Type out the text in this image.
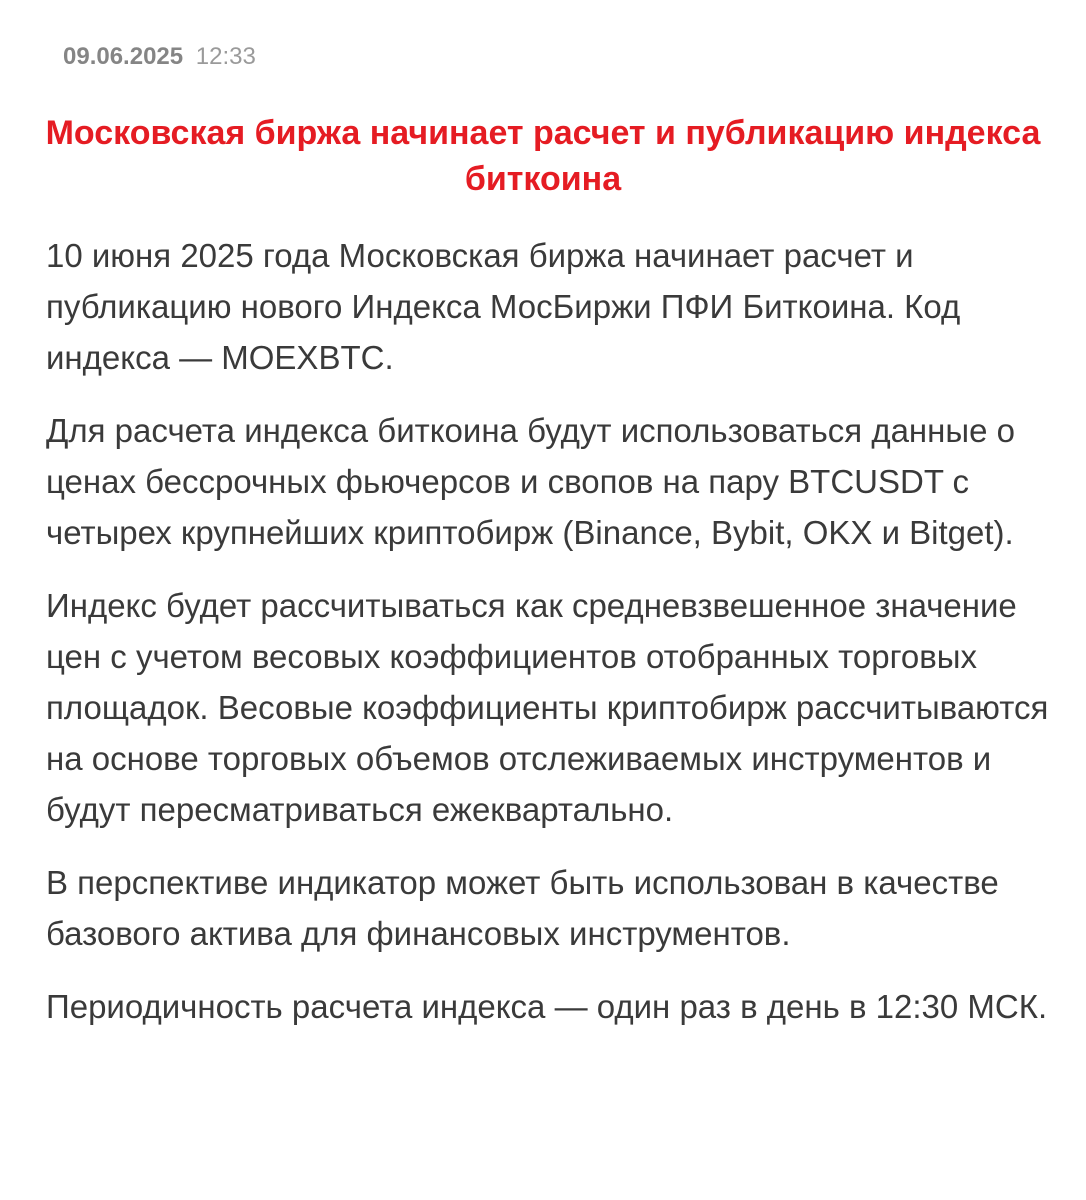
09.06.2025 12:33
Московская биржа начинает расчет и публикацию индекса биткоина

10 июня 2025 года Московская биржа начинает расчет и публикацию нового Индекса МосБиржи ПФИ Биткоина. Код индекса — MOEXBTC.

Для расчета индекса биткоина будут использоваться данные о ценах бессрочных фьючерсов и свопов на пару BTCUSDT с четырех крупнейших криптобирж (Binance, Bybit, OKX и Bitget).

Индекс будет рассчитываться как средневзвешенное значение цен с учетом весовых коэффициентов отобранных торговых площадок. Весовые коэффициенты криптобирж рассчитываются на основе торговых объемов отслеживаемых инструментов и будут пересматриваться ежеквартально.

В перспективе индикатор может быть использован в качестве базового актива для финансовых инструментов.

Периодичность расчета индекса — один раз в день в 12:30 МСК.
